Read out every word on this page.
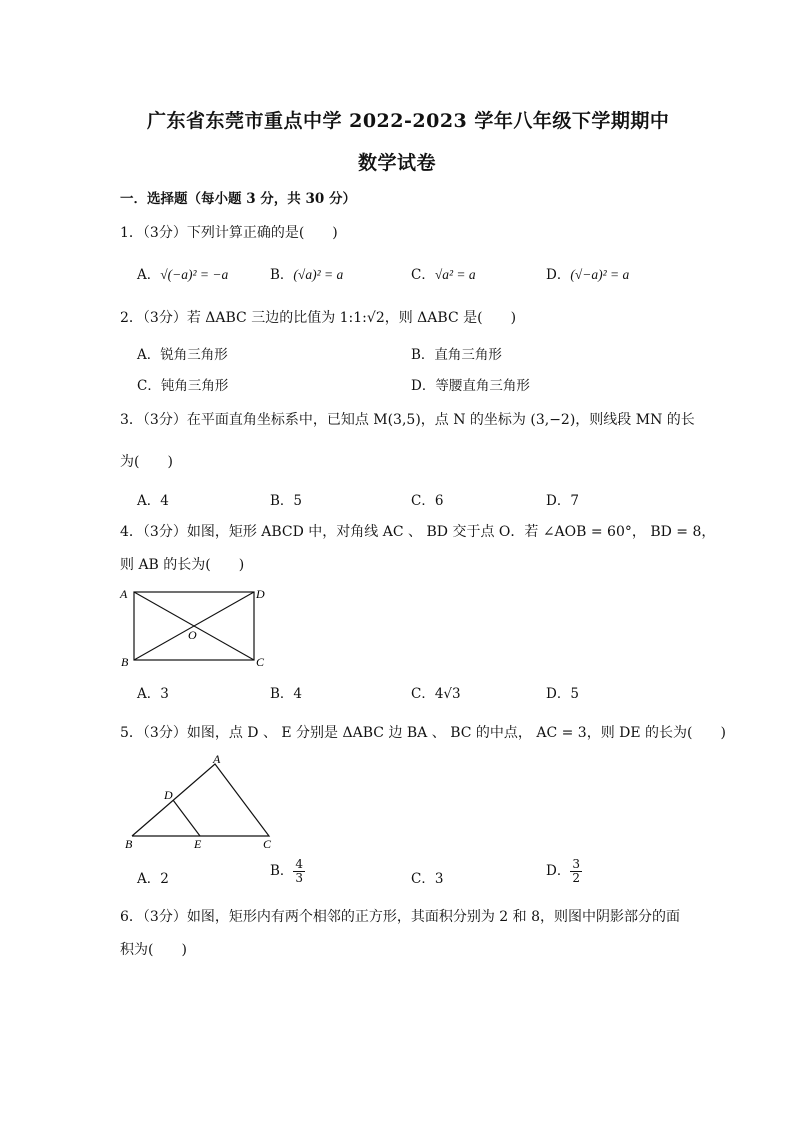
广东省东莞市重点中学 2022-2023 学年八年级下学期期中
数学试卷
一．选择题（每小题 3 分，共 30 分）
1．（3分）下列计算正确的是(　　)
A．√(−a)² = −a	B．(√a)² = a	C．√a² = a	D．(√−a)² = a
2．（3分）若 ΔABC 三边的比值为 1:1:√2，则 ΔABC 是(　　)
A．锐角三角形	B．直角三角形
C．钝角三角形	D．等腰直角三角形
3．（3分）在平面直角坐标系中，已知点 M(3,5)，点 N 的坐标为 (3,−2)，则线段 MN 的长
为(　　)
A．4	B．5	C．6	D．7
4．（3分）如图，矩形 ABCD 中，对角线 AC 、 BD 交于点 O．若 ∠AOB = 60°， BD = 8，
则 AB 的长为(　　)
A	D
B	C
O
A．3	B．4	C．4√3	D．5
5．（3分）如图，点 D 、 E 分别是 ΔABC 边 BA 、 BC 的中点， AC = 3，则 DE 的长为(　　)
A
D
B	E	C
A．2	B． $\frac{4}{3}$	C．3	D． $\frac{3}{2}$
6．（3分）如图，矩形内有两个相邻的正方形，其面积分别为 2 和 8，则图中阴影部分的面
积为(　　)
